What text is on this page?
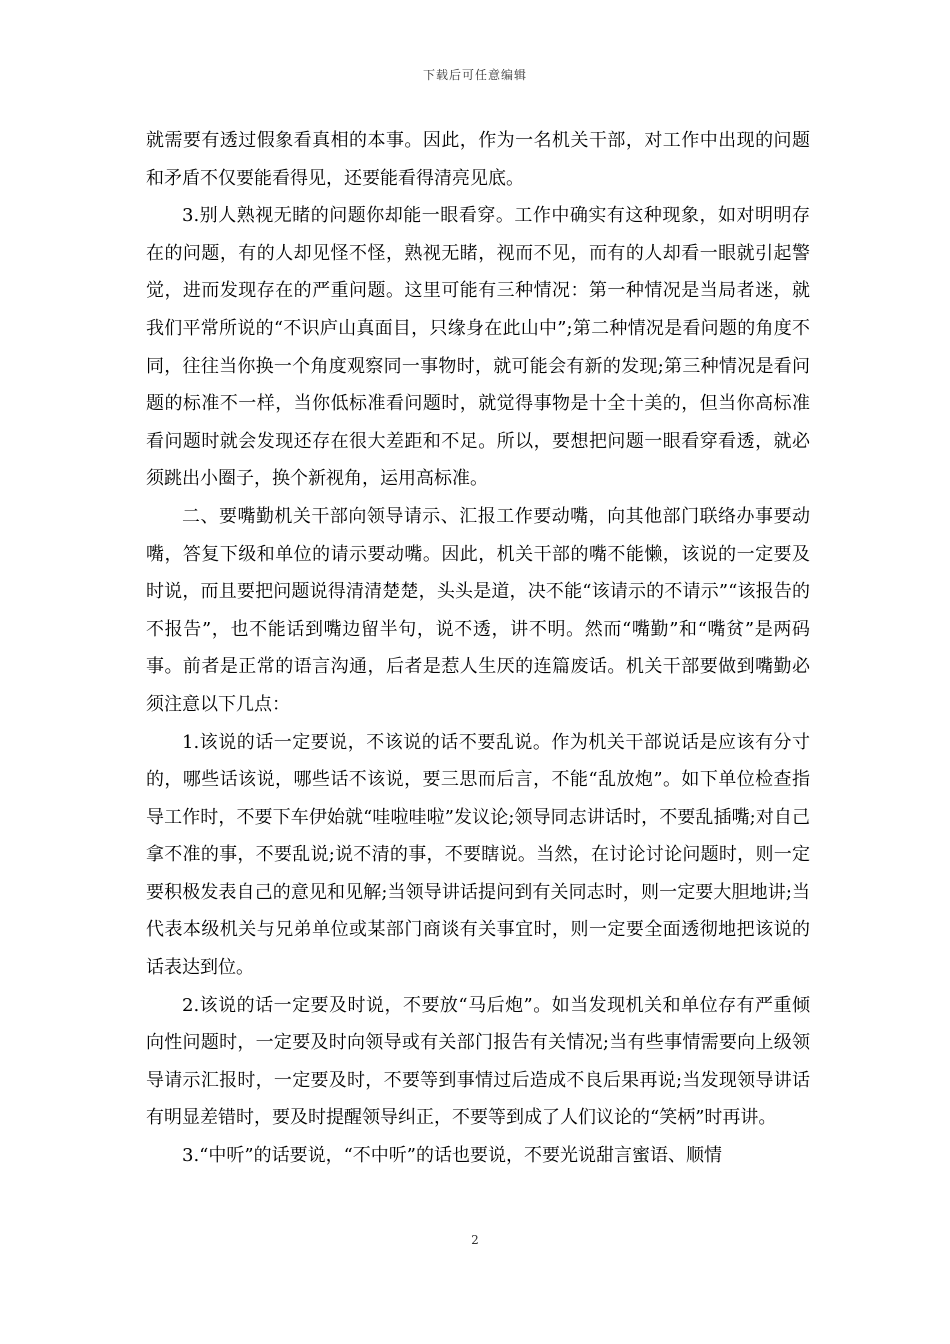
下载后可任意编辑

就需要有透过假象看真相的本事。因此，作为一名机关干部，对工作中出现的问题和矛盾不仅要能看得见，还要能看得清亮见底。

3.别人熟视无睹的问题你却能一眼看穿。工作中确实有这种现象，如对明明存在的问题，有的人却见怪不怪，熟视无睹，视而不见，而有的人却看一眼就引起警觉，进而发现存在的严重问题。这里可能有三种情况：第一种情况是当局者迷，就我们平常所说的“不识庐山真面目，只缘身在此山中”;第二种情况是看问题的角度不同，往往当你换一个角度观察同一事物时，就可能会有新的发现;第三种情况是看问题的标准不一样，当你低标准看问题时，就觉得事物是十全十美的，但当你高标准看问题时就会发现还存在很大差距和不足。所以，要想把问题一眼看穿看透，就必须跳出小圈子，换个新视角，运用高标准。

二、要嘴勤机关干部向领导请示、汇报工作要动嘴，向其他部门联络办事要动嘴，答复下级和单位的请示要动嘴。因此，机关干部的嘴不能懒，该说的一定要及时说，而且要把问题说得清清楚楚，头头是道，决不能“该请示的不请示”“该报告的不报告”，也不能话到嘴边留半句，说不透，讲不明。然而“嘴勤”和“嘴贫”是两码事。前者是正常的语言沟通，后者是惹人生厌的连篇废话。机关干部要做到嘴勤必须注意以下几点：

1.该说的话一定要说，不该说的话不要乱说。作为机关干部说话是应该有分寸的，哪些话该说，哪些话不该说，要三思而后言，不能“乱放炮”。如下单位检查指导工作时，不要下车伊始就“哇啦哇啦”发议论;领导同志讲话时，不要乱插嘴;对自己拿不准的事，不要乱说;说不清的事，不要瞎说。当然，在讨论讨论问题时，则一定要积极发表自己的意见和见解;当领导讲话提问到有关同志时，则一定要大胆地讲;当代表本级机关与兄弟单位或某部门商谈有关事宜时，则一定要全面透彻地把该说的话表达到位。

2.该说的话一定要及时说，不要放“马后炮”。如当发现机关和单位存有严重倾向性问题时，一定要及时向领导或有关部门报告有关情况;当有些事情需要向上级领导请示汇报时，一定要及时，不要等到事情过后造成不良后果再说;当发现领导讲话有明显差错时，要及时提醒领导纠正，不要等到成了人们议论的“笑柄”时再讲。

3.“中听”的话要说，“不中听”的话也要说，不要光说甜言蜜语、顺情

2
